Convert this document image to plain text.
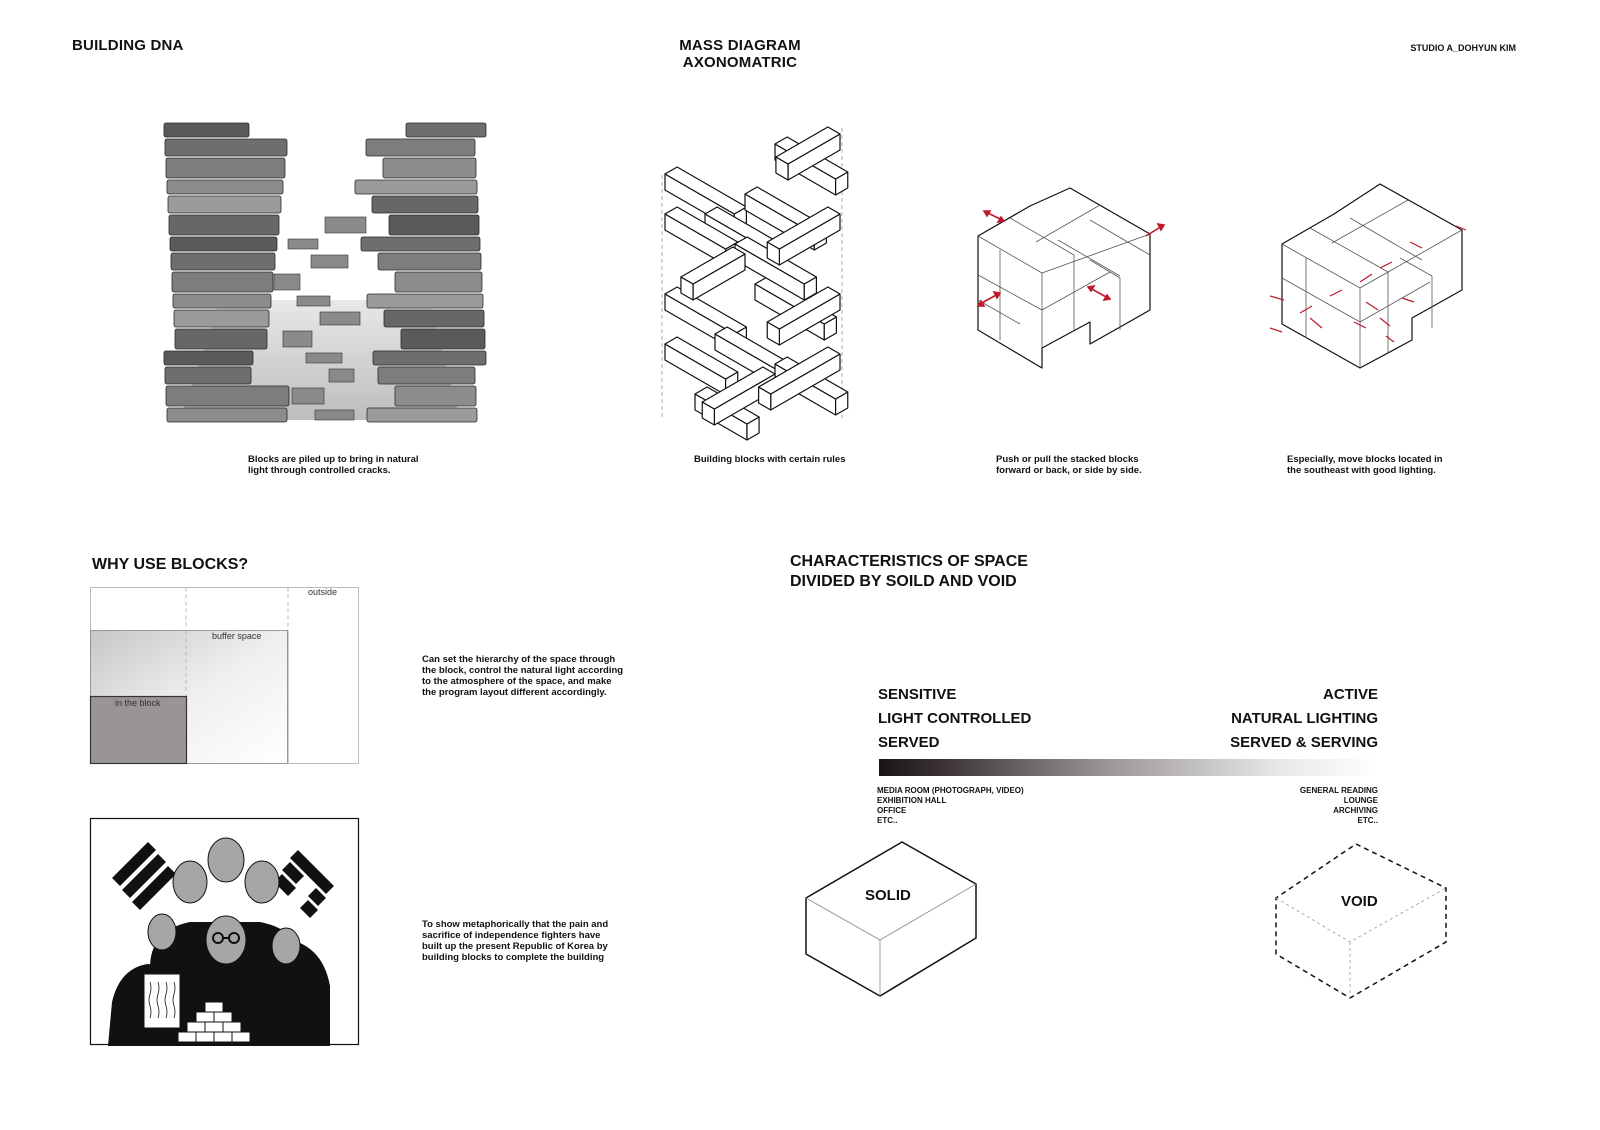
BUILDING DNA	MASS DIAGRAM
AXONOMATRIC
STUDIO A_DOHYUN KIM
Blocks are piled up to bring in natural
light through controlled cracks.
Building blocks with certain rules	Push or pull the stacked blocks
forward or back, or side by side.
Especially, move blocks located in
the southeast with good lighting.
WHY USE BLOCKS?
outside
buffer space
in the block
Can set the hierarchy of the space through
the block, control the natural light according
to the atmosphere of the space, and make
the program layout different accordingly.
To show metaphorically that the pain and
sacrifice of independence fighters have
built up the present Republic of Korea by
building blocks to complete the building
CHARACTERISTICS OF SPACE
DIVIDED BY SOILD AND VOID
SENSITIVE
LIGHT CONTROLLED
SERVED
ACTIVE
NATURAL LIGHTING
SERVED & SERVING
MEDIA ROOM (PHOTOGRAPH, VIDEO)
EXHIBITION HALL
OFFICE
ETC..
GENERAL READING
LOUNGE
ARCHIVING
ETC..
SOLID	VOID
